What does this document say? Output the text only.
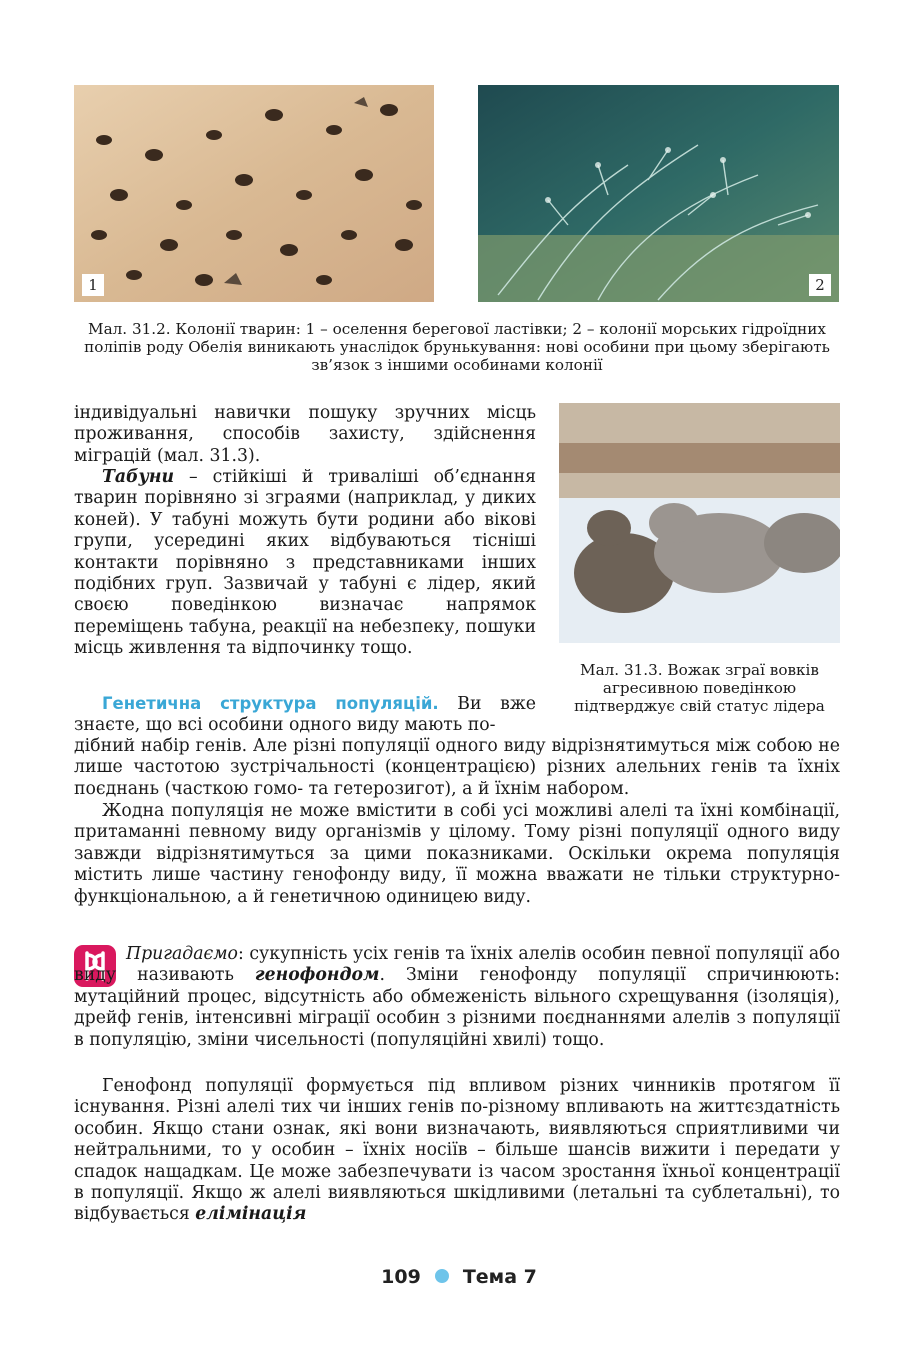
1	2
Мал. 31.2. Колонії тварин: 1 – оселення берегової ластівки; 2 – колонії морських гідроїдних поліпів роду Обелія виникають унаслідок брунькування: нові особини при цьому зберігають зв’язок з іншими особинами колонії
Мал. 31.3. Вожак зграї вовків агресивною поведінкою підтверджує свій статус лідера
індивідуальні навички пошуку зручних місць проживання, способів захисту, здійснення міграцій (мал. 31.3).

Табуни – стійкіші й триваліші об’єднання тварин порівняно зі зграями (наприклад, у диких коней). У табуні можуть бути родини або вікові групи, усередині яких відбуваються тісніші контакти порівняно з представниками інших подібних груп. Зазвичай у табуні є лідер, який своєю поведінкою визначає напрямок переміщень табуна, реакції на небезпеку, пошуки місць живлення та відпочинку тощо.

Генетична структура популяцій. Ви вже знаєте, що всі особини одного виду мають по-

дібний набір генів. Але різні популяції одного виду відрізнятимуться між собою не лише частотою зустрічальності (концентрацією) різних алельних генів та їхніх поєднань (часткою гомо- та гетерозигот), а й їхнім набором.

Жодна популяція не може вмістити в собі усі можливі алелі та їхні комбінації, притаманні певному виду організмів у цілому. Тому різні популяції одного виду завжди відрізнятимуться за цими показниками. Оскільки окрема популяція містить лише частину генофонду виду, її можна вважати не тільки структурно-функціональною, а й генетичною одиницею виду.

Пригадаємо: сукупність усіх генів та їхніх алелів особин певної популяції або виду називають генофондом. Зміни генофонду популяції спричинюють: мутаційний процес, відсутність або обмеженість вільного схрещування (ізоляція), дрейф генів, інтенсивні міграції особин з різними поєднаннями алелів з популяції в популяцію, зміни чисельності (популяційні хвилі) тощо.

Генофонд популяції формується під впливом різних чинників протягом її існування. Різні алелі тих чи інших генів по-різному впливають на життєздатність особин. Якщо стани ознак, які вони визначають, виявляються сприятливими чи нейтральними, то у особин – їхніх носіїв – більше шансів вижити і передати у спадок нащадкам. Це може забезпечувати із часом зростання їхньої концентрації в популяції. Якщо ж алелі виявляються шкідливими (летальні та сублетальні), то відбувається елімінація

109 Тема 7
